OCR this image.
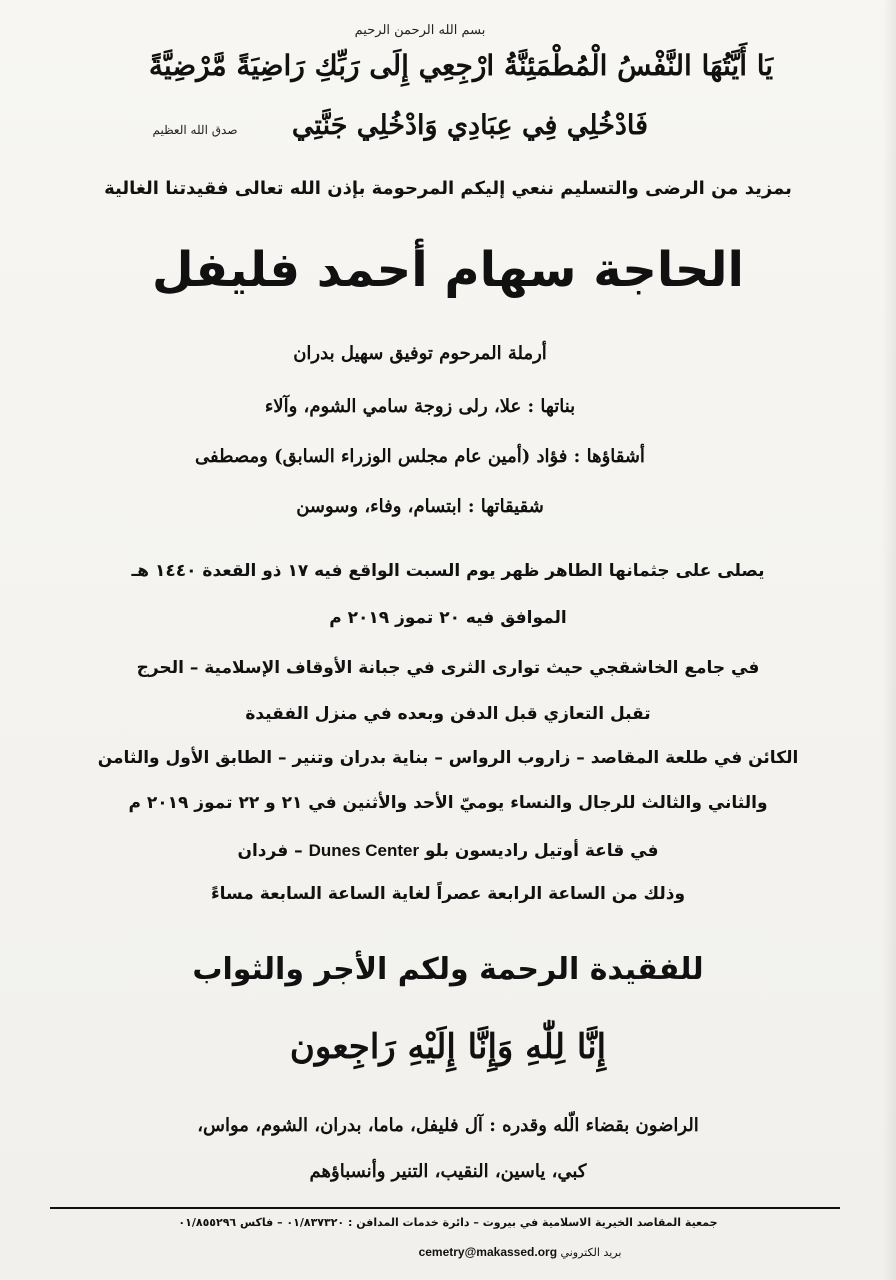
بسم الله الرحمن الرحيم
يَا أَيَّتُهَا النَّفْسُ الْمُطْمَئِنَّةُ ارْجِعِي إِلَى رَبِّكِ رَاضِيَةً مَّرْضِيَّةً
فَادْخُلِي فِي عِبَادِي وَادْخُلِي جَنَّتِي
صدق الله العظيم
بمزيد من الرضى والتسليم ننعي إليكم المرحومة بإذن الله تعالى فقيدتنا الغالية
الحاجة سهام أحمد فليفل
أرملة المرحوم توفيق سهيل بدران
بناتها : علا، رلى زوجة سامي الشوم، وآلاء
أشقاؤها : فؤاد (أمين عام مجلس الوزراء السابق) ومصطفى
شقيقاتها : ابتسام، وفاء، وسوسن
يصلى على جثمانها الطاهر ظهر يوم السبت الواقع فيه ١٧ ذو القعدة ١٤٤٠ هـ
الموافق فيه ٢٠ تموز ٢٠١٩ م
في جامع الخاشقجي حيث توارى الثرى في جبانة الأوقاف الإسلامية – الحرج
تقبل التعازي قبل الدفن وبعده في منزل الفقيدة
الكائن في طلعة المقاصد – زاروب الرواس – بناية بدران وتنير – الطابق الأول والثامن
والثاني والثالث للرجال والنساء يوميّ الأحد والأثنين في ٢١ و ٢٢ تموز ٢٠١٩ م
في قاعة أوتيل راديسون بلو Dunes Center – فردان
وذلك من الساعة الرابعة عصراً لغاية الساعة السابعة مساءً
للفقيدة الرحمة ولكم الأجر والثواب
إِنَّا لِلّٰهِ وَإِنَّا إِلَيْهِ رَاجِعون
الراضون بقضاء الّله وقدره : آل فليفل، ماما، بدران، الشوم، مواس،
كبي، ياسين، النقيب، التنير وأنسباؤهم
جمعية المقاصد الخيرية الاسلامية في بيروت – دائرة خدمات المدافن : ٠١/٨٣٧٣٢٠ – فاكس ٠١/٨٥٥٢٩٦
بريد الكتروني cemetry@makassed.org
